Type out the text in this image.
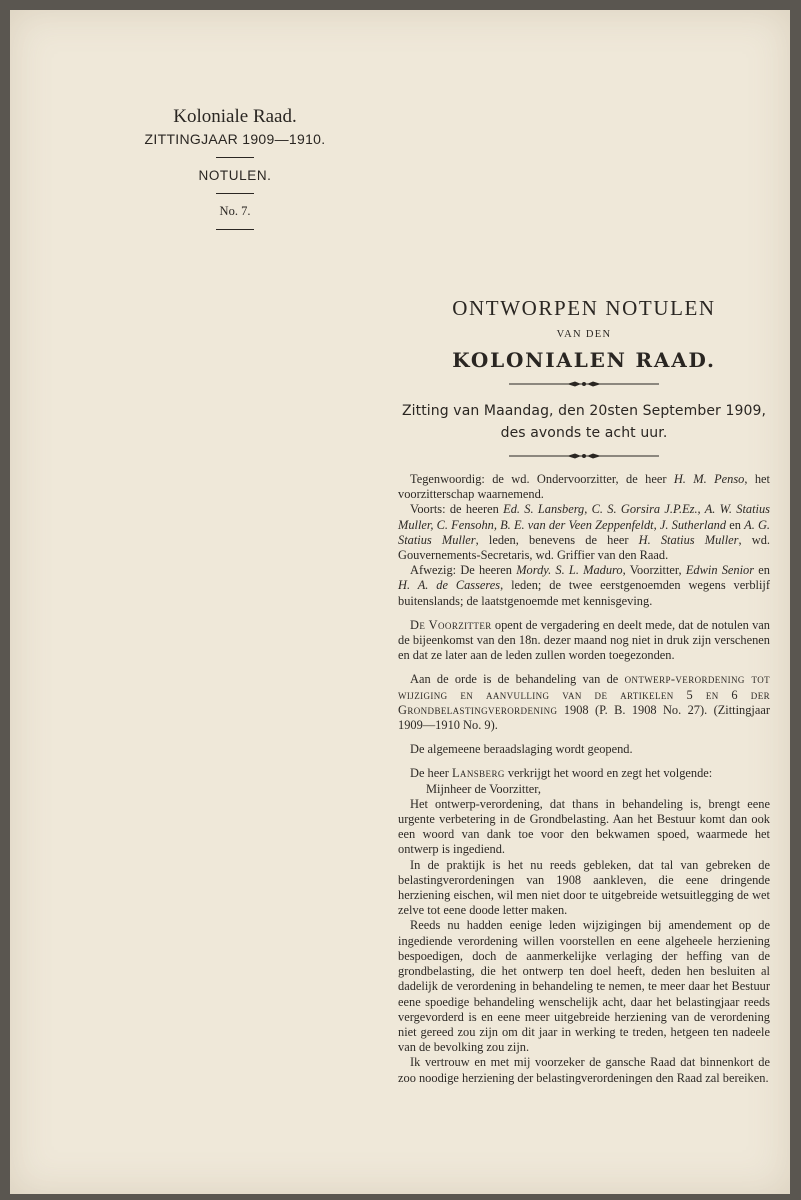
Koloniale Raad.
ZITTINGJAAR 1909—1910.
NOTULEN.
No. 7.
ONTWORPEN NOTULEN
VAN DEN
KOLONIALEN RAAD.
Zitting van Maandag, den 20sten September 1909,
des avonds te acht uur.

Tegenwoordig: de wd. Ondervoorzitter, de heer H. M. Penso, het voorzitterschap waarnemend.

Voorts: de heeren Ed. S. Lansberg, C. S. Gorsira J.P.Ez., A. W. Statius Muller, C. Fensohn, B. E. van der Veen Zeppenfeldt, J. Sutherland en A. G. Statius Muller, leden, benevens de heer H. Statius Muller, wd. Gouvernements-Secretaris, wd. Griffier van den Raad.

Afwezig: De heeren Mordy. S. L. Maduro, Voorzitter, Edwin Senior en H. A. de Casseres, leden; de twee eerstgenoemden wegens verblijf buitenslands; de laatstgenoemde met kennisgeving.

De Voorzitter opent de vergadering en deelt mede, dat de notulen van de bijeenkomst van den 18n. dezer maand nog niet in druk zijn verschenen en dat ze later aan de leden zullen worden toegezonden.

Aan de orde is de behandeling van de ontwerp-verordening tot wijziging en aanvulling van de artikelen 5 en 6 der Grondbelastingverordening 1908 (P. B. 1908 No. 27). (Zittingjaar 1909—1910 No. 9).

De algemeene beraadslaging wordt geopend.

De heer Lansberg verkrijgt het woord en zegt het volgende:

Mijnheer de Voorzitter,

Het ontwerp-verordening, dat thans in behandeling is, brengt eene urgente verbetering in de Grondbelasting. Aan het Bestuur komt dan ook een woord van dank toe voor den bekwamen spoed, waarmede het ontwerp is ingediend.

In de praktijk is het nu reeds gebleken, dat tal van gebreken de belastingverordeningen van 1908 aankleven, die eene dringende herziening eischen, wil men niet door te uitgebreide wetsuitlegging de wet zelve tot eene doode letter maken.

Reeds nu hadden eenige leden wijzigingen bij amendement op de ingediende verordening willen voorstellen en eene algeheele herziening bespoedigen, doch de aanmerkelijke verlaging der heffing van de grondbelasting, die het ontwerp ten doel heeft, deden hen besluiten al dadelijk de verordening in behandeling te nemen, te meer daar het Bestuur eene spoedige behandeling wenschelijk acht, daar het belastingjaar reeds vergevorderd is en eene meer uitgebreide herziening van de verordening niet gereed zou zijn om dit jaar in werking te treden, hetgeen ten nadeele van de bevolking zou zijn.

Ik vertrouw en met mij voorzeker de gansche Raad dat binnenkort de zoo noodige herziening der belastingverordeningen den Raad zal bereiken.
